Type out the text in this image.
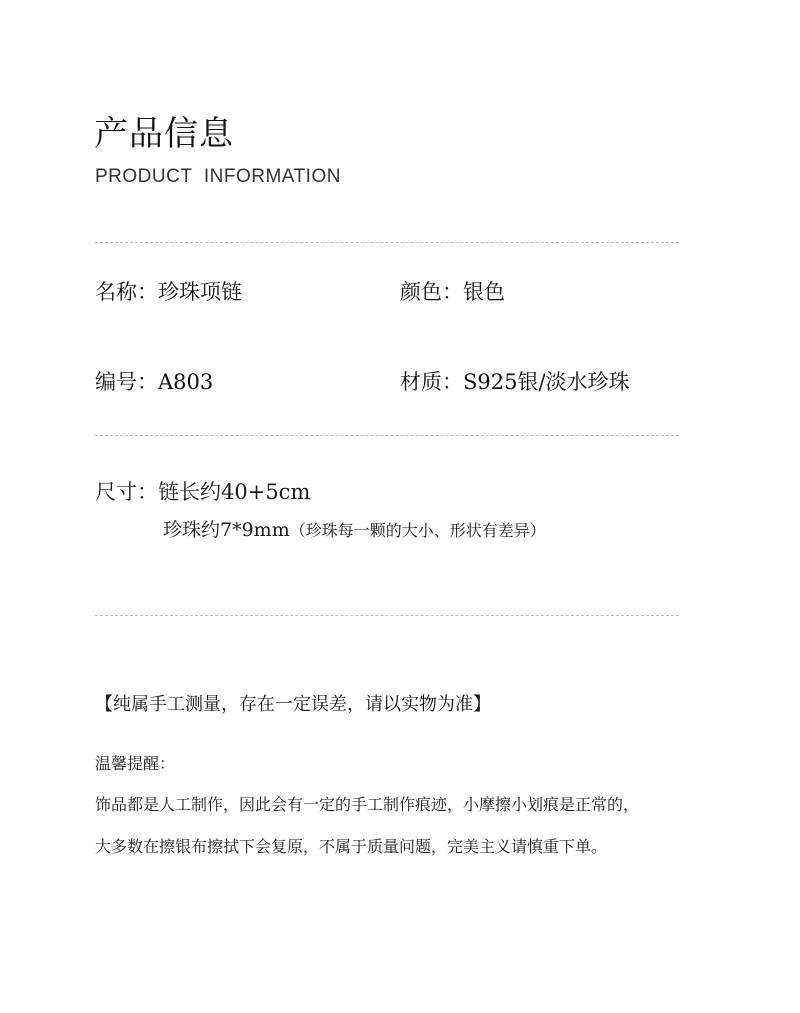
产品信息
PRODUCT INFORMATION
名称：珍珠项链	颜色：银色
编号：A803	材质：S925银/淡水珍珠
尺寸：链长约40+5cm
珍珠约7*9mm（珍珠每一颗的大小、形状有差异）
【纯属手工测量，存在一定误差，请以实物为准】
温馨提醒：
饰品都是人工制作，因此会有一定的手工制作痕迹，小摩擦小划痕是正常的，
大多数在擦银布擦拭下会复原，不属于质量问题，完美主义请慎重下单。
